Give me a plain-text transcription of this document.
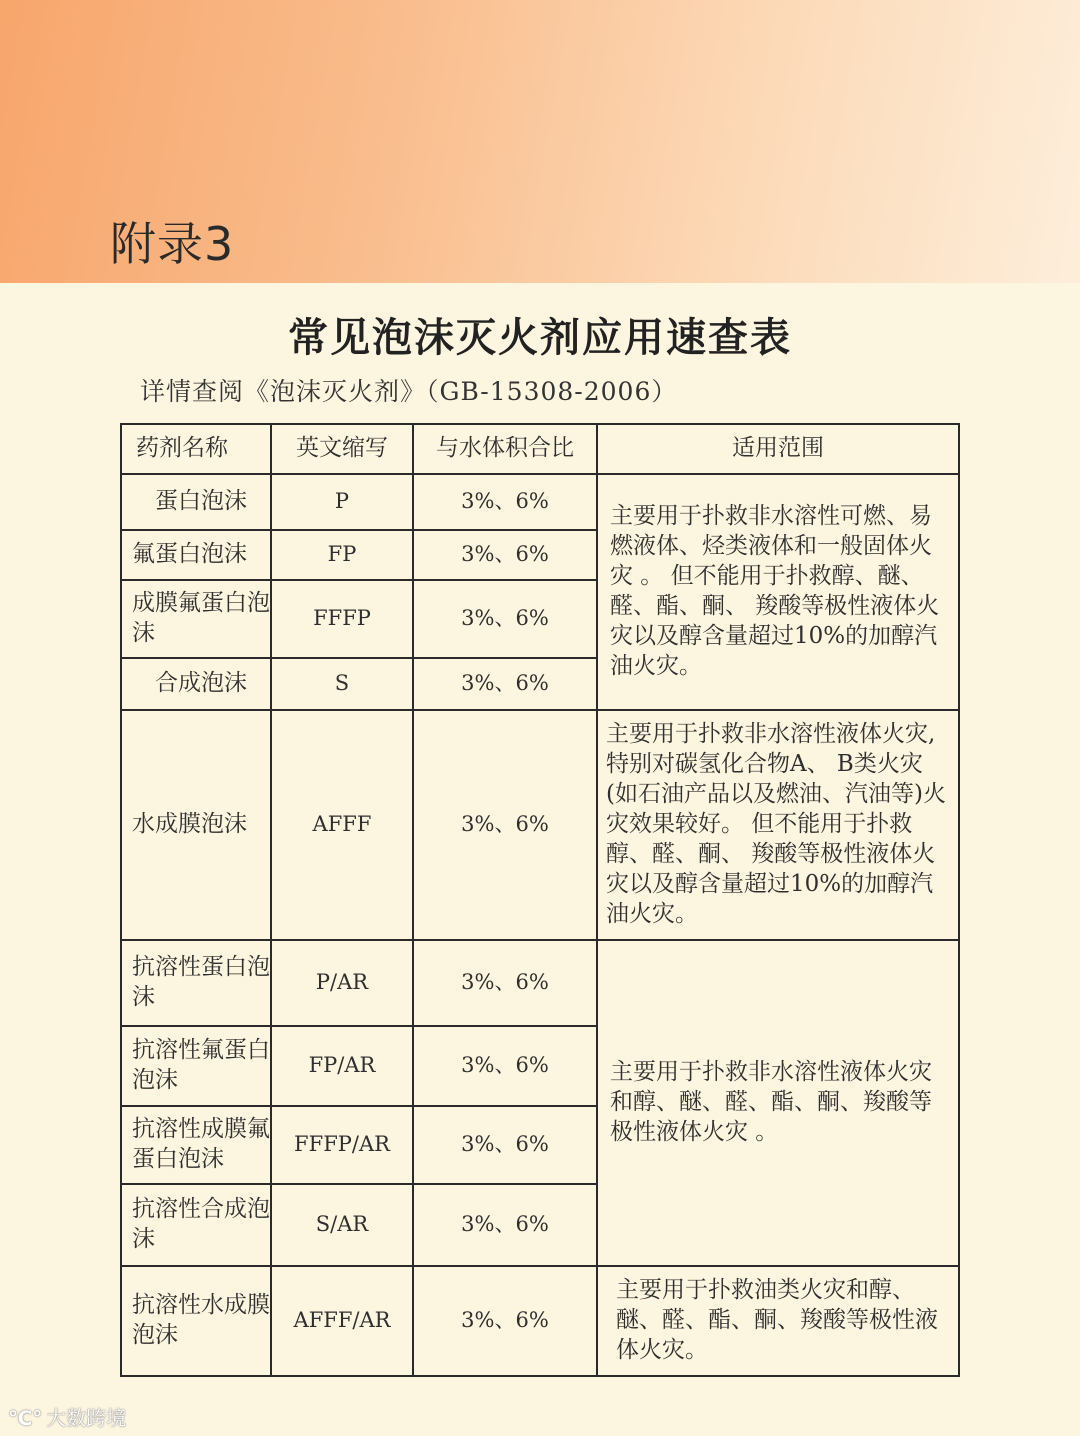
附录3
常见泡沫灭火剂应用速查表
详情查阅《泡沫灭火剂》（GB-15308-2006）
药剂名称	英文缩写	与水体积合比	适用范围
蛋白泡沫	P	3%、6%	主要用于扑救非水溶性可燃、易燃液体、烃类液体和一般固体火灾 。 但不能用于扑救醇、醚、醛、酯、酮、 羧酸等极性液体火灾以及醇含量超过10%的加醇汽油火灾。
氟蛋白泡沫	FP	3%、6%	
成膜氟蛋白泡沫	FFFP	3%、6%	
合成泡沫	S	3%、6%	
水成膜泡沫	AFFF	3%、6%	主要用于扑救非水溶性液体火灾,特别对碳氢化合物A、 B类火灾(如石油产品以及燃油、汽油等)火灾效果较好。 但不能用于扑救醇、醛、酮、 羧酸等极性液体火灾以及醇含量超过10%的加醇汽油火灾。
抗溶性蛋白泡沫	P/AR	3%、6%	主要用于扑救非水溶性液体火灾和醇、醚、醛、酯、酮、羧酸等极性液体火灾 。
抗溶性氟蛋白泡沫	FP/AR	3%、6%	
抗溶性成膜氟蛋白泡沫	FFFP/AR	3%、6%	
抗溶性合成泡沫	S/AR	3%、6%	
抗溶性水成膜泡沫	AFFF/AR	3%、6%	主要用于扑救油类火灾和醇、醚、醛、酯、酮、羧酸等极性液体火灾。
℃° 大数跨境
